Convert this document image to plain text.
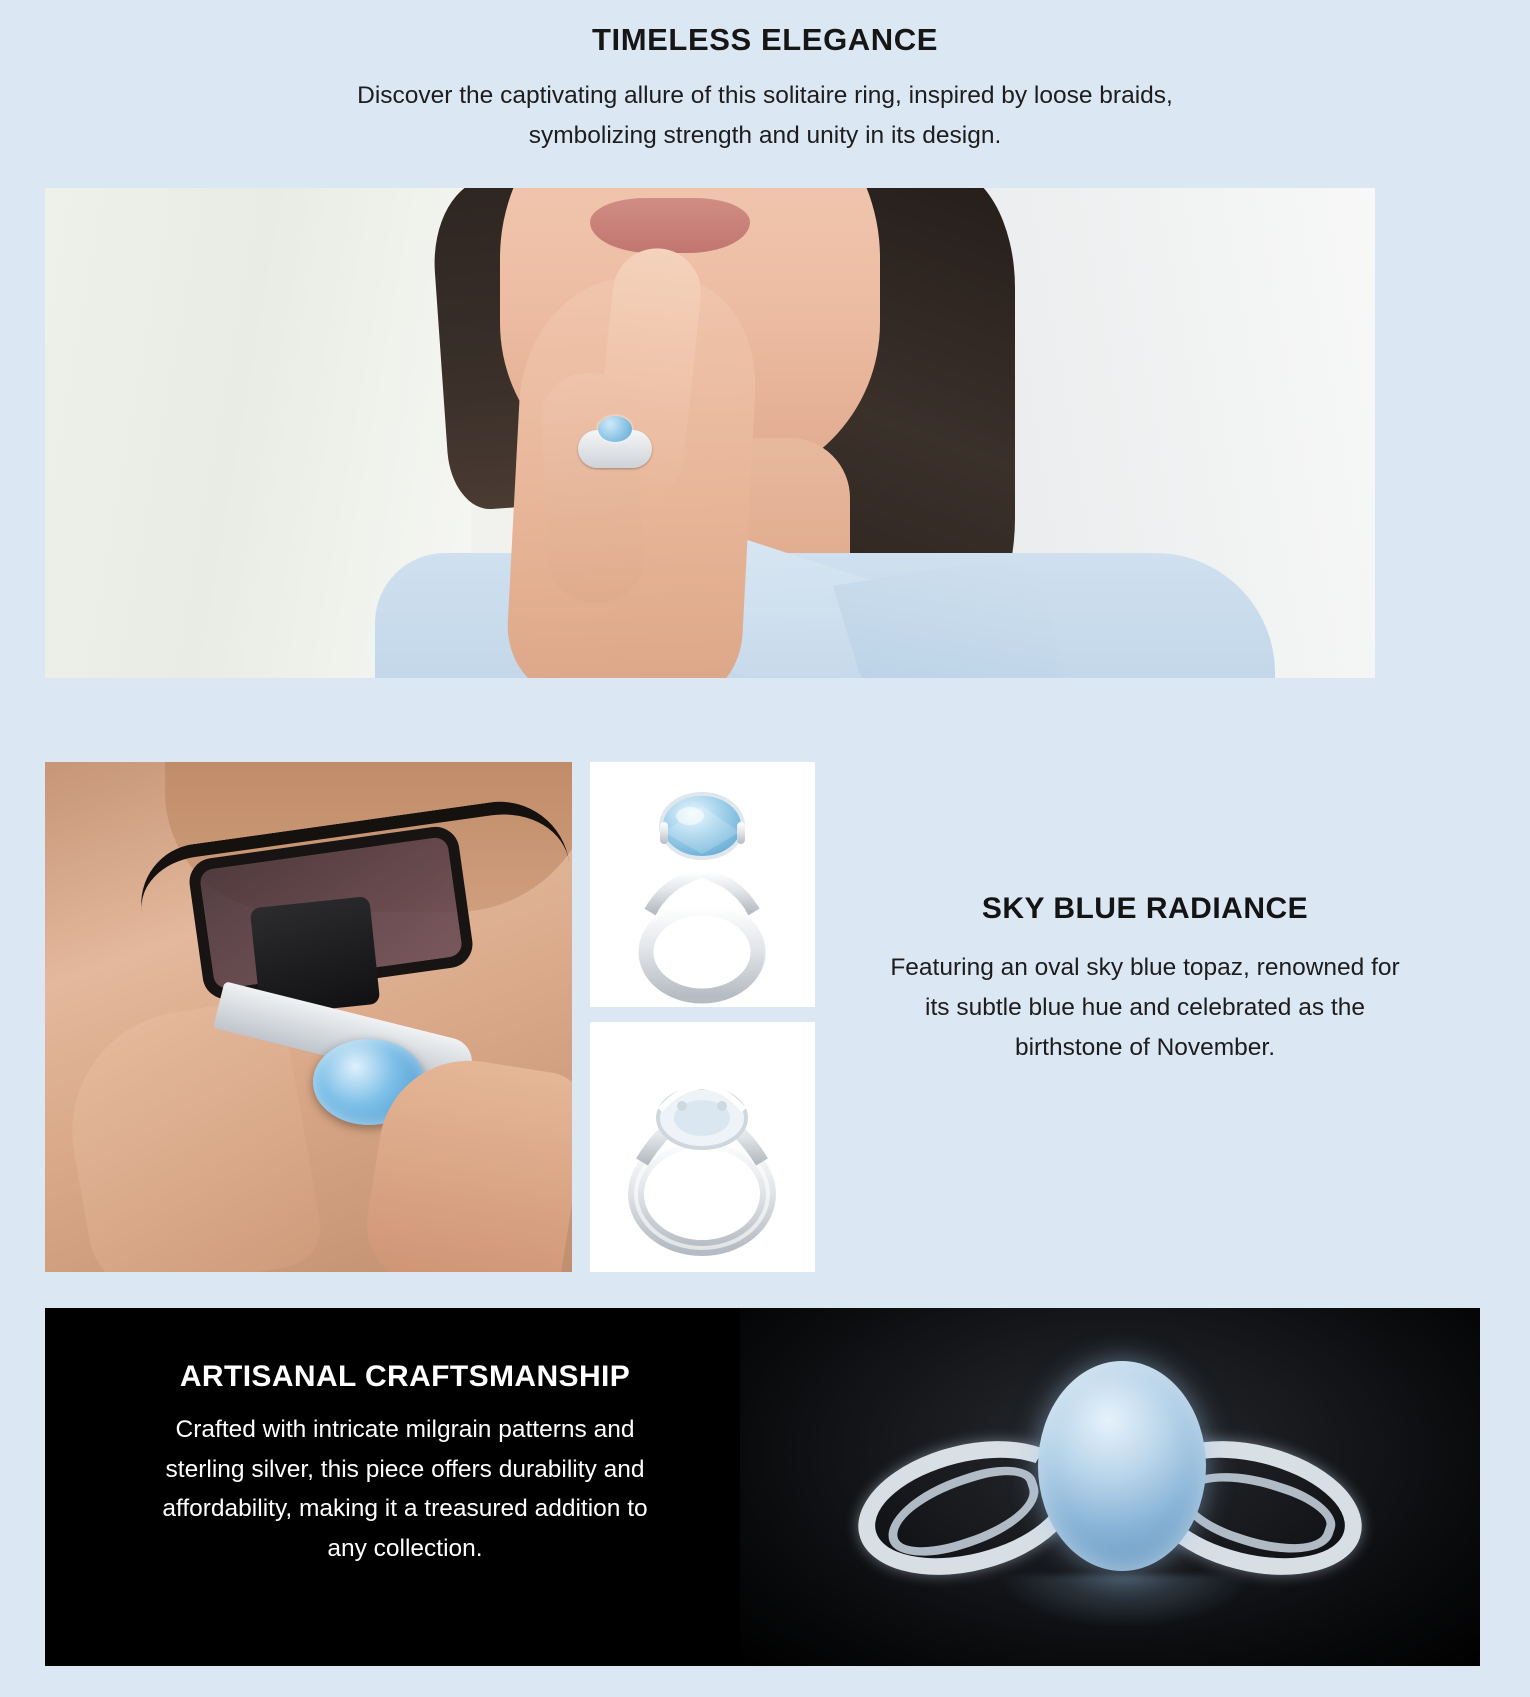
TIMELESS ELEGANCE

Discover the captivating allure of this solitaire ring, inspired by loose braids,

symbolizing strength and unity in its design.

SKY BLUE RADIANCE

Featuring an oval sky blue topaz, renowned for

its subtle blue hue and celebrated as the

birthstone of November.

ARTISANAL CRAFTSMANSHIP

Crafted with intricate milgrain patterns and

sterling silver, this piece offers durability and

affordability, making it a treasured addition to

any collection.
